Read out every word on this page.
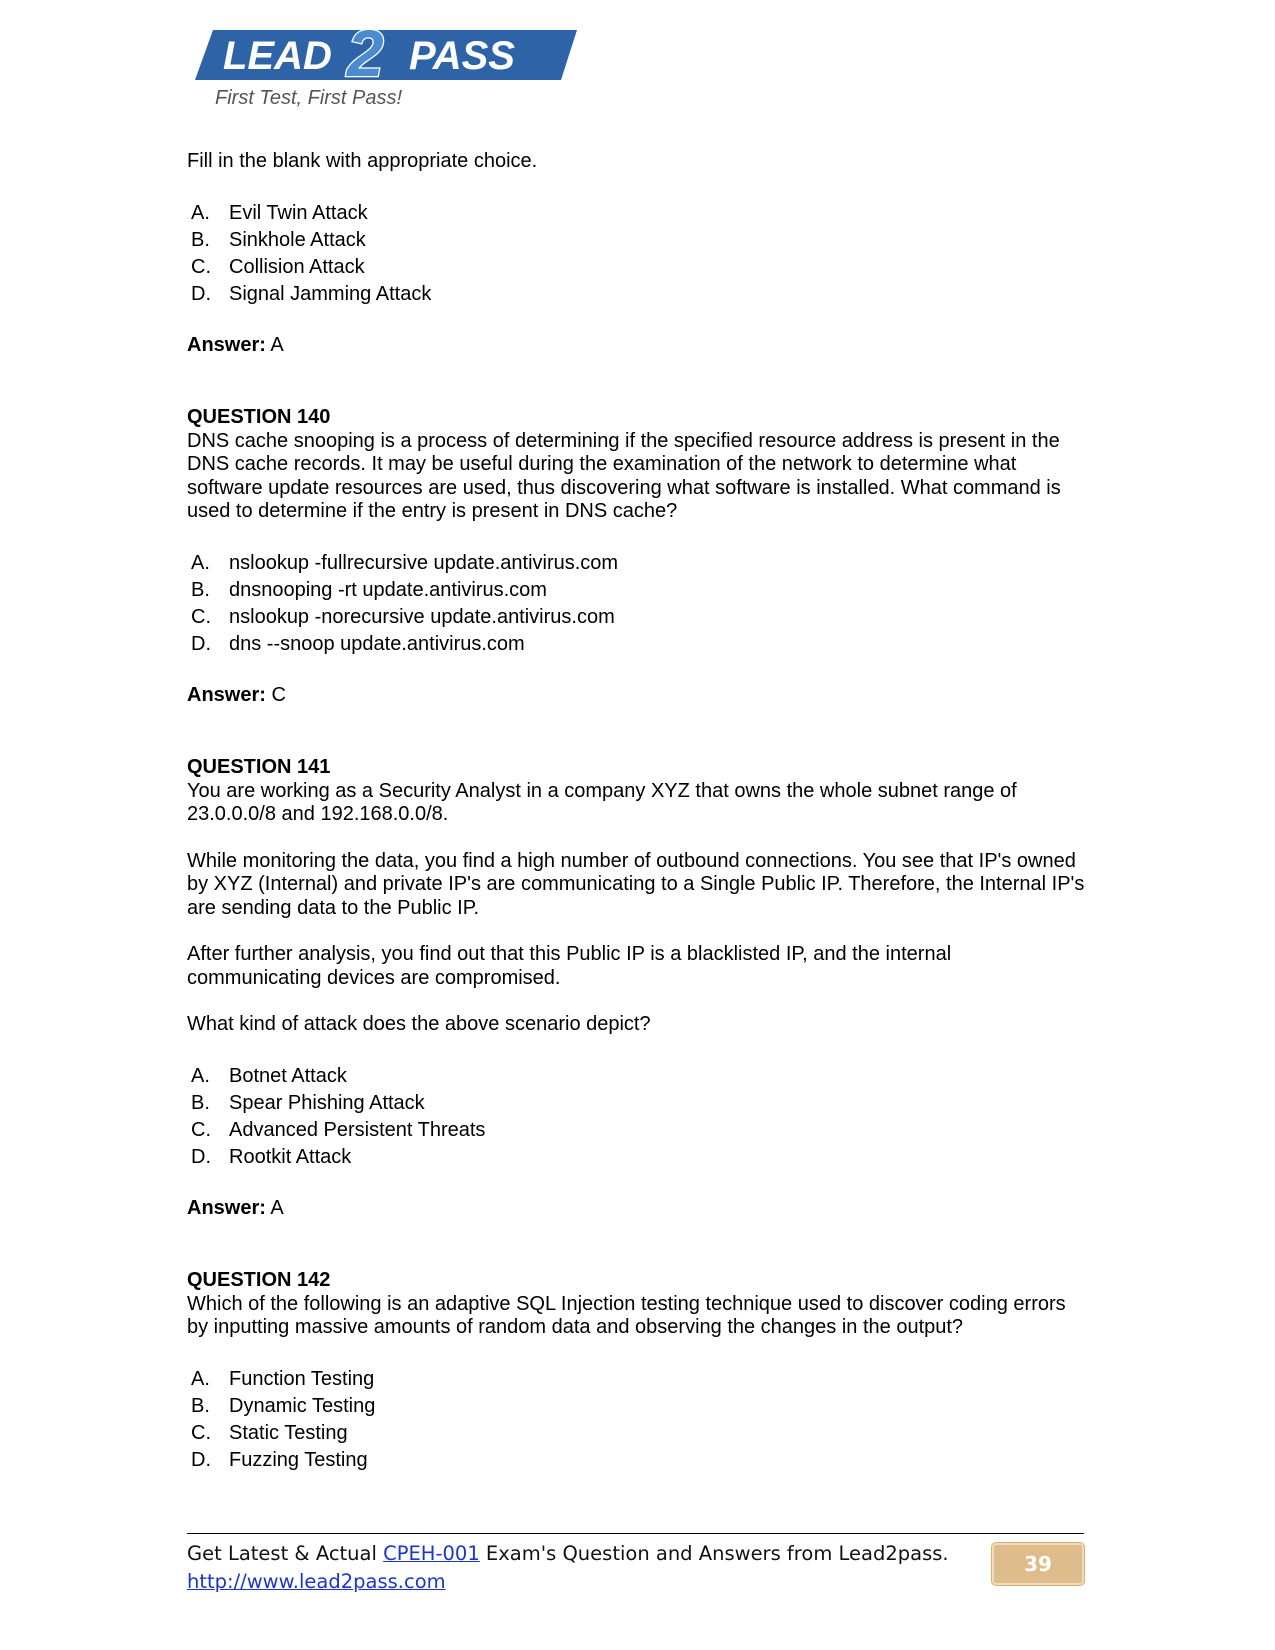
LEAD 2 PASS
First Test, First Pass!

Fill in the blank with appropriate choice.

A. Evil Twin Attack
B. Sinkhole Attack
C. Collision Attack
D. Signal Jamming Attack

Answer: A

QUESTION 140

DNS cache snooping is a process of determining if the specified resource address is present in the DNS cache records. It may be useful during the examination of the network to determine what software update resources are used, thus discovering what software is installed. What command is used to determine if the entry is present in DNS cache?

A. nslookup -fullrecursive update.antivirus.com
B. dnsnooping -rt update.antivirus.com
C. nslookup -norecursive update.antivirus.com
D. dns --snoop update.antivirus.com

Answer: C

QUESTION 141

You are working as a Security Analyst in a company XYZ that owns the whole subnet range of 23.0.0.0/8 and 192.168.0.0/8.

While monitoring the data, you find a high number of outbound connections. You see that IP's owned by XYZ (Internal) and private IP's are communicating to a Single Public IP. Therefore, the Internal IP's are sending data to the Public IP.

After further analysis, you find out that this Public IP is a blacklisted IP, and the internal communicating devices are compromised.

What kind of attack does the above scenario depict?

A. Botnet Attack
B. Spear Phishing Attack
C. Advanced Persistent Threats
D. Rootkit Attack

Answer: A

QUESTION 142

Which of the following is an adaptive SQL Injection testing technique used to discover coding errors by inputting massive amounts of random data and observing the changes in the output?

A. Function Testing
B. Dynamic Testing
C. Static Testing
D. Fuzzing Testing
Get Latest & Actual CPEH-001 Exam's Question and Answers from Lead2pass.
http://www.lead2pass.com
39
